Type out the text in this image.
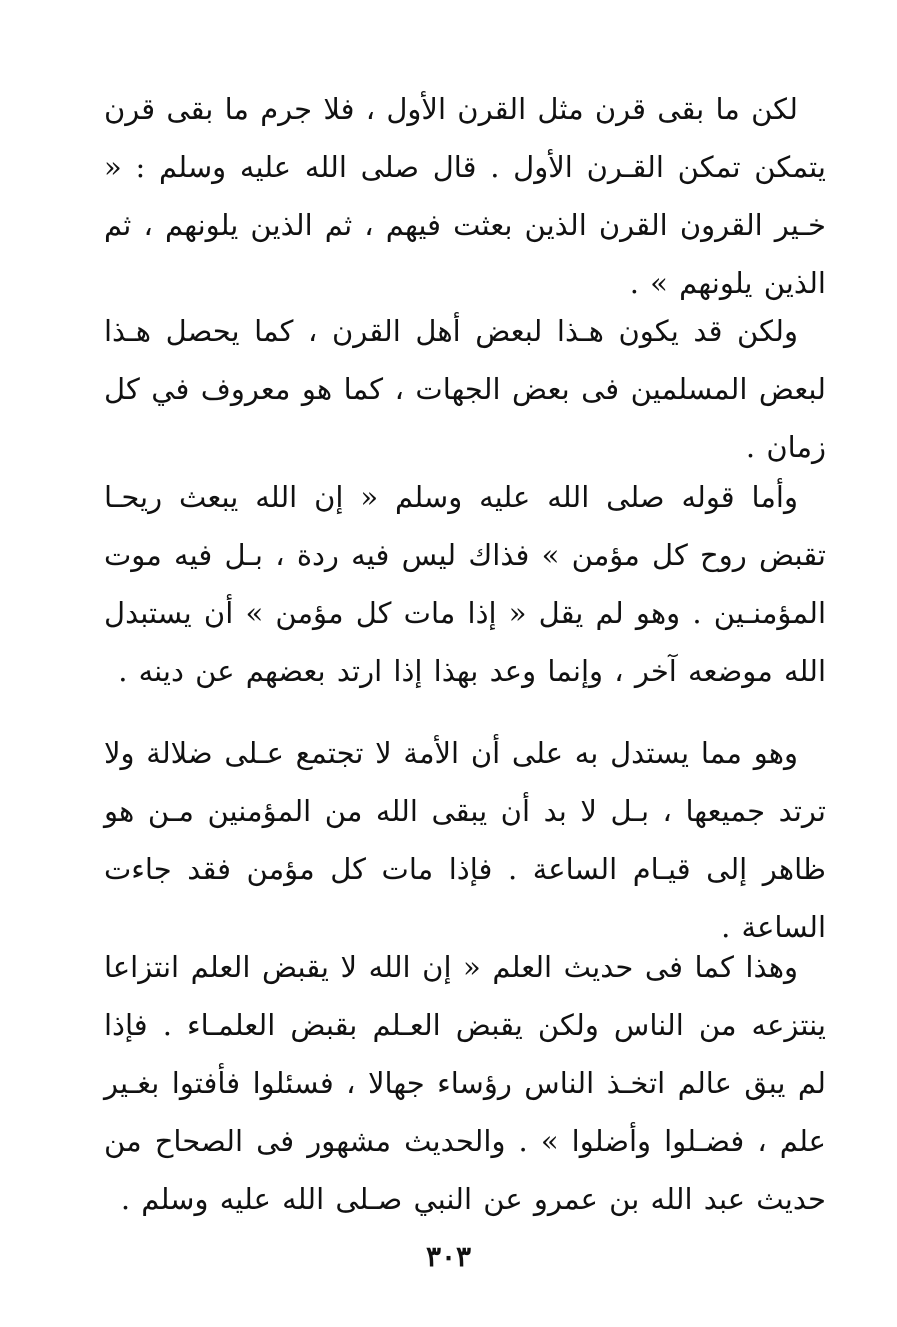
لكن ما بقى قرن مثل القرن الأول ، فلا جرم ما بقى قرن يتمكن تمكن القـرن الأول . قال صلى الله عليه وسلم : « خـير القرون القرن الذين بعثت فيهم ، ثم الذين يلونهم ، ثم الذين يلونهم » .

ولكن قد يكون هـذا لبعض أهل القرن ، كما يحصل هـذا لبعض المسلمين فى بعض الجهات ، كما هو معروف في كل زمان .

وأما قوله صلى الله عليه وسلم « إن الله يبعث ريحـا تقبض روح كل مؤمن » فذاك ليس فيه ردة ، بـل فيه موت المؤمنـين . وهو لم يقل « إذا مات كل مؤمن » أن يستبدل الله موضعه آخر ، وإنما وعد بهذا إذا ارتد بعضهم عن دينه .

وهو مما يستدل به على أن الأمة لا تجتمع عـلى ضلالة ولا ترتد جميعها ، بـل لا بد أن يبقى الله من المؤمنين مـن هو ظاهر إلى قيـام الساعة . فإذا مات كل مؤمن فقد جاءت الساعة .

وهذا كما فى حديث العلم « إن الله لا يقبض العلم انتزاعا ينتزعه من الناس ولكن يقبض العـلم بقبض العلمـاء . فإذا لم يبق عالم اتخـذ الناس رؤساء جهالا ، فسئلوا فأفتوا بغـير علم ، فضـلوا وأضلوا » . والحديث مشهور فى الصحاح من حديث عبد الله بن عمرو عن النبي صـلى الله عليه وسلم .

٣٠٣
